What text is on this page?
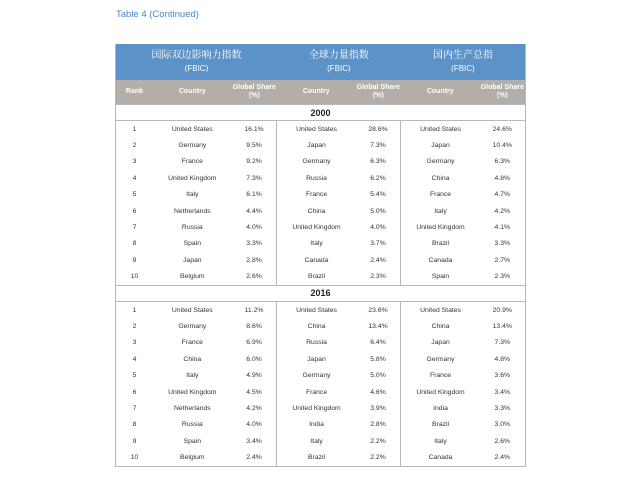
Table 4 (Continued)
国际双边影响力指数
(FBIC)			全球力量指数
(FBIC)		国内生产总指
(FBIC)	

Rank	Country	Global Share (%)	Country	Global Share (%)	Country	Global Share (%)
2000						
1	United States	16.1%	United States	28.6%	United States	24.6%
2	Germany	9.5%	Japan	7.3%	Japan	10.4%
3	France	9.2%	Germany	6.3%	Germany	6.3%
4	United Kingdom	7.3%	Russia	6.2%	China	4.8%
5	Italy	6.1%	France	5.4%	France	4.7%
6	Netherlands	4.4%	China	5.0%	Italy	4.2%
7	Russia	4.0%	United Kingdom	4.0%	United Kingdom	4.1%
8	Spain	3.3%	Italy	3.7%	Brazil	3.3%
9	Japan	2.8%	Canada	2.4%	Canada	2.7%
10	Belgium	2.6%	Brazil	2.3%	Spain	2.3%
2016						
1	United States	11.2%	United States	23.6%	United States	20.9%
2	Germany	8.6%	China	13.4%	China	13.4%
3	France	6.9%	Russia	6.4%	Japan	7.3%
4	China	6.0%	Japan	5.8%	Germany	4.8%
5	Italy	4.9%	Germany	5.0%	France	3.6%
6	United Kingdom	4.5%	France	4.6%	United Kingdom	3.4%
7	Netherlands	4.2%	United Kingdom	3.9%	India	3.3%
8	Russia	4.0%	India	2.8%	Brazil	3.0%
9	Spain	3.4%	Italy	2.2%	Italy	2.6%
10	Belgium	2.4%	Brazil	2.2%	Canada	2.4%
